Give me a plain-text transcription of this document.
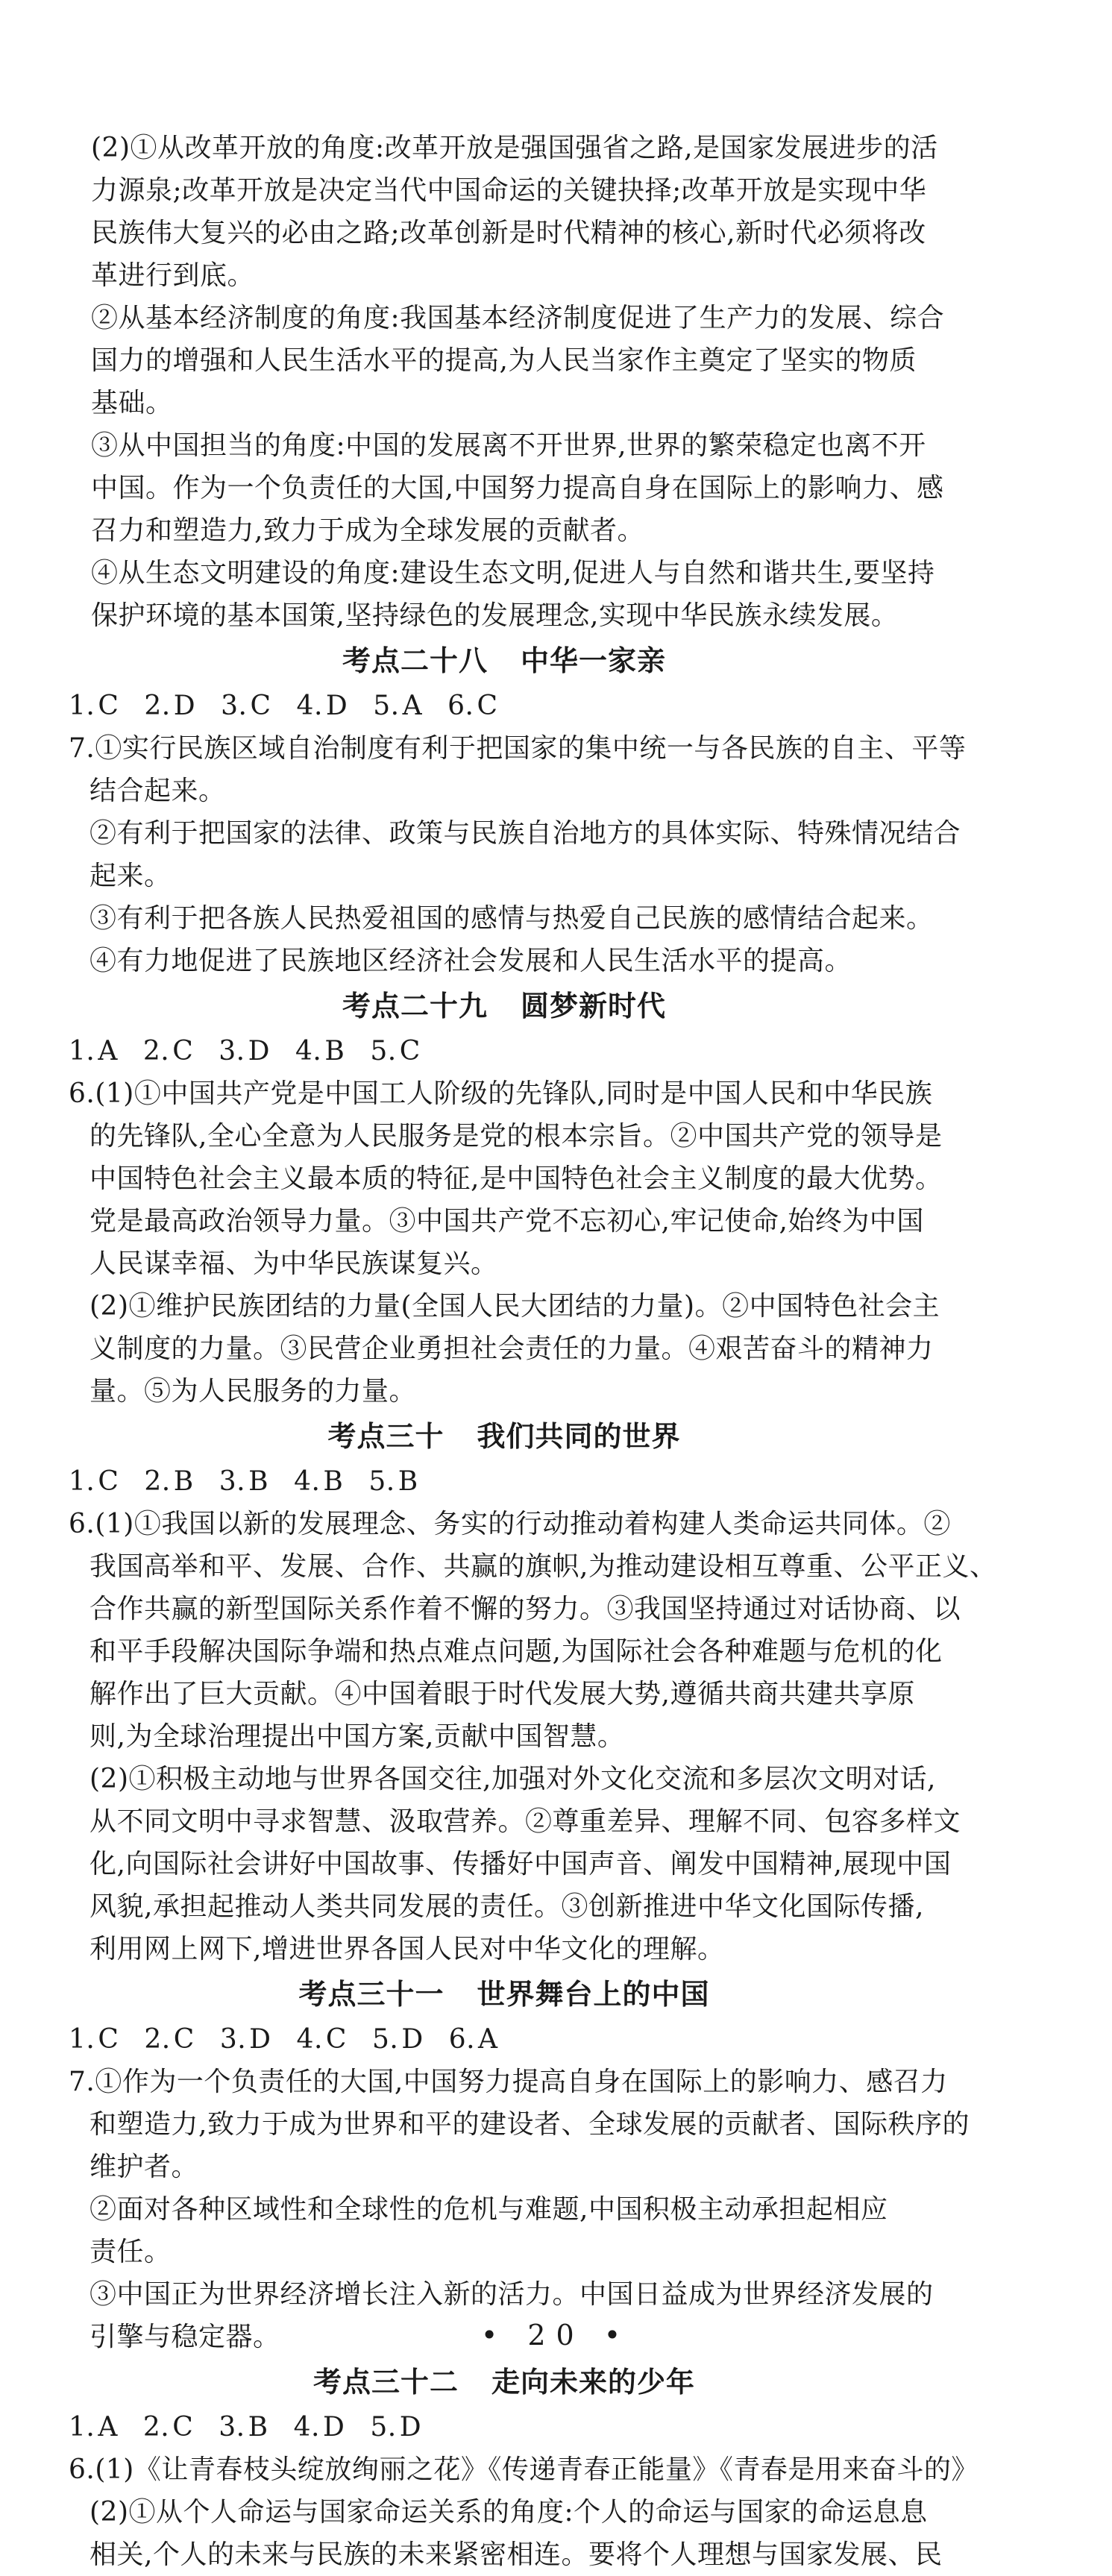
(2)①从改革开放的角度:改革开放是强国强省之路,是国家发展进步的活
力源泉;改革开放是决定当代中国命运的关键抉择;改革开放是实现中华
民族伟大复兴的必由之路;改革创新是时代精神的核心,新时代必须将改
革进行到底。
②从基本经济制度的角度:我国基本经济制度促进了生产力的发展、综合
国力的增强和人民生活水平的提高,为人民当家作主奠定了坚实的物质
基础。
③从中国担当的角度:中国的发展离不开世界,世界的繁荣稳定也离不开
中国。作为一个负责任的大国,中国努力提高自身在国际上的影响力、感
召力和塑造力,致力于成为全球发展的贡献者。
④从生态文明建设的角度:建设生态文明,促进人与自然和谐共生,要坚持
保护环境的基本国策,坚持绿色的发展理念,实现中华民族永续发展。
考点二十八 中华一家亲
1. C 2. D 3. C 4. D 5. A 6. C
7.①实行民族区域自治制度有利于把国家的集中统一与各民族的自主、平等
结合起来。
②有利于把国家的法律、政策与民族自治地方的具体实际、特殊情况结合
起来。
③有利于把各族人民热爱祖国的感情与热爱自己民族的感情结合起来。
④有力地促进了民族地区经济社会发展和人民生活水平的提高。
考点二十九 圆梦新时代
1. A 2. C 3. D 4. B 5. C
6.(1)①中国共产党是中国工人阶级的先锋队,同时是中国人民和中华民族
的先锋队,全心全意为人民服务是党的根本宗旨。②中国共产党的领导是
中国特色社会主义最本质的特征,是中国特色社会主义制度的最大优势。
党是最高政治领导力量。③中国共产党不忘初心,牢记使命,始终为中国
人民谋幸福、为中华民族谋复兴。
(2)①维护民族团结的力量(全国人民大团结的力量)。②中国特色社会主
义制度的力量。③民营企业勇担社会责任的力量。④艰苦奋斗的精神力
量。⑤为人民服务的力量。
考点三十 我们共同的世界
1. C 2. B 3. B 4. B 5. B
6.(1)①我国以新的发展理念、务实的行动推动着构建人类命运共同体。②
我国高举和平、发展、合作、共赢的旗帜,为推动建设相互尊重、公平正义、
合作共赢的新型国际关系作着不懈的努力。③我国坚持通过对话协商、以
和平手段解决国际争端和热点难点问题,为国际社会各种难题与危机的化
解作出了巨大贡献。④中国着眼于时代发展大势,遵循共商共建共享原
则,为全球治理提出中国方案,贡献中国智慧。
(2)①积极主动地与世界各国交往,加强对外文化交流和多层次文明对话,
从不同文明中寻求智慧、汲取营养。②尊重差异、理解不同、包容多样文
化,向国际社会讲好中国故事、传播好中国声音、阐发中国精神,展现中国
风貌,承担起推动人类共同发展的责任。③创新推进中华文化国际传播,
利用网上网下,增进世界各国人民对中华文化的理解。
考点三十一 世界舞台上的中国
1. C 2. C 3. D 4. C 5. D 6. A
7.①作为一个负责任的大国,中国努力提高自身在国际上的影响力、感召力
和塑造力,致力于成为世界和平的建设者、全球发展的贡献者、国际秩序的
维护者。
②面对各种区域性和全球性的危机与难题,中国积极主动承担起相应
责任。
③中国正为世界经济增长注入新的活力。中国日益成为世界经济发展的
引擎与稳定器。
考点三十二 走向未来的少年
1. A 2. C 3. B 4. D 5. D
6.(1)《让青春枝头绽放绚丽之花》《传递青春正能量》《青春是用来奋斗的》
(2)①从个人命运与国家命运关系的角度:个人的命运与国家的命运息息
相关,个人的未来与民族的未来紧密相连。要将个人理想与国家发展、民
• 20 •
